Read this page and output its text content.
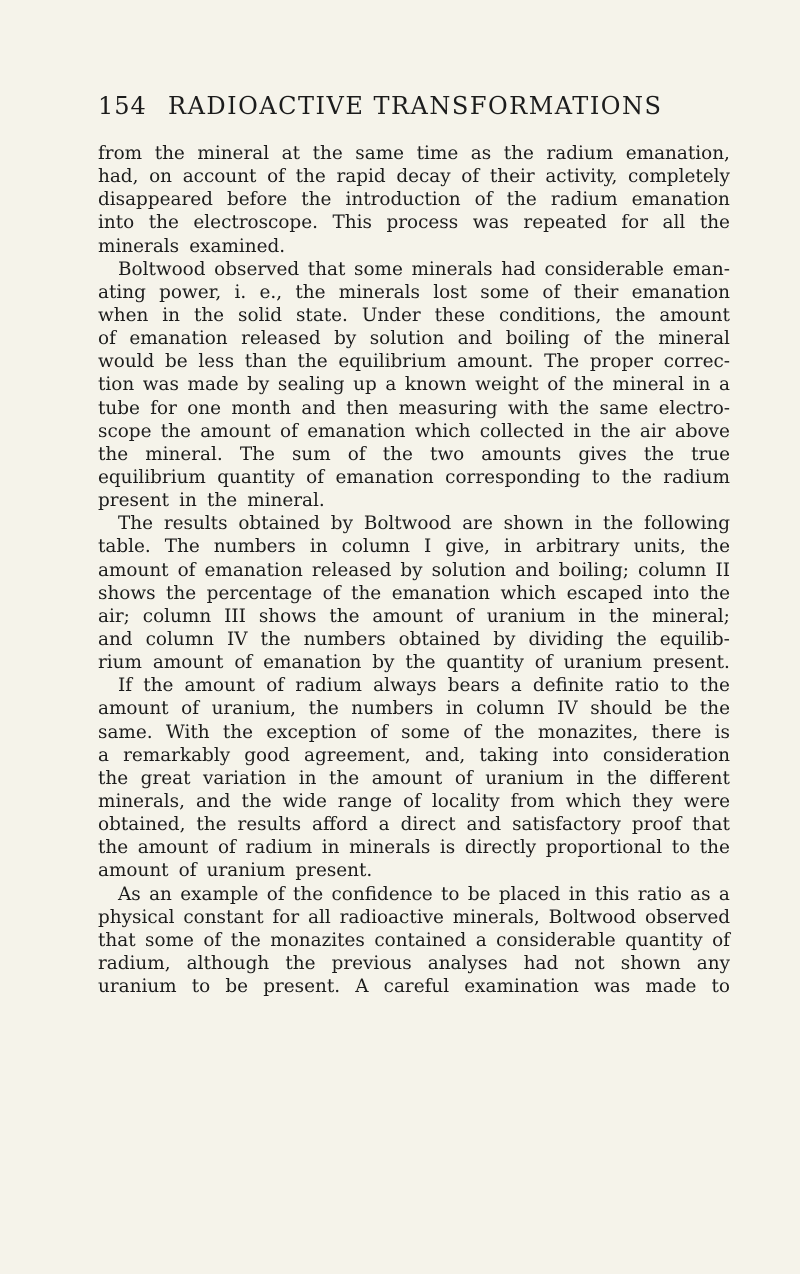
154 RADIOACTIVE TRANSFORMATIONS
from the mineral at the same time as the radium emanation,
had, on account of the rapid decay of their activity, completely
disappeared before the introduction of the radium emanation
into the electroscope. This process was repeated for all the
minerals examined.
Boltwood observed that some minerals had considerable eman-
ating power, i. e., the minerals lost some of their emanation
when in the solid state. Under these conditions, the amount
of emanation released by solution and boiling of the mineral
would be less than the equilibrium amount. The proper correc-
tion was made by sealing up a known weight of the mineral in a
tube for one month and then measuring with the same electro-
scope the amount of emanation which collected in the air above
the mineral. The sum of the two amounts gives the true
equilibrium quantity of emanation corresponding to the radium
present in the mineral.
The results obtained by Boltwood are shown in the following
table. The numbers in column I give, in arbitrary units, the
amount of emanation released by solution and boiling; column II
shows the percentage of the emanation which escaped into the
air; column III shows the amount of uranium in the mineral;
and column IV the numbers obtained by dividing the equilib-
rium amount of emanation by the quantity of uranium present.
If the amount of radium always bears a definite ratio to the
amount of uranium, the numbers in column IV should be the
same. With the exception of some of the monazites, there is
a remarkably good agreement, and, taking into consideration
the great variation in the amount of uranium in the different
minerals, and the wide range of locality from which they were
obtained, the results afford a direct and satisfactory proof that
the amount of radium in minerals is directly proportional to the
amount of uranium present.
As an example of the confidence to be placed in this ratio as a
physical constant for all radioactive minerals, Boltwood observed
that some of the monazites contained a considerable quantity of
radium, although the previous analyses had not shown any
uranium to be present. A careful examination was made to
